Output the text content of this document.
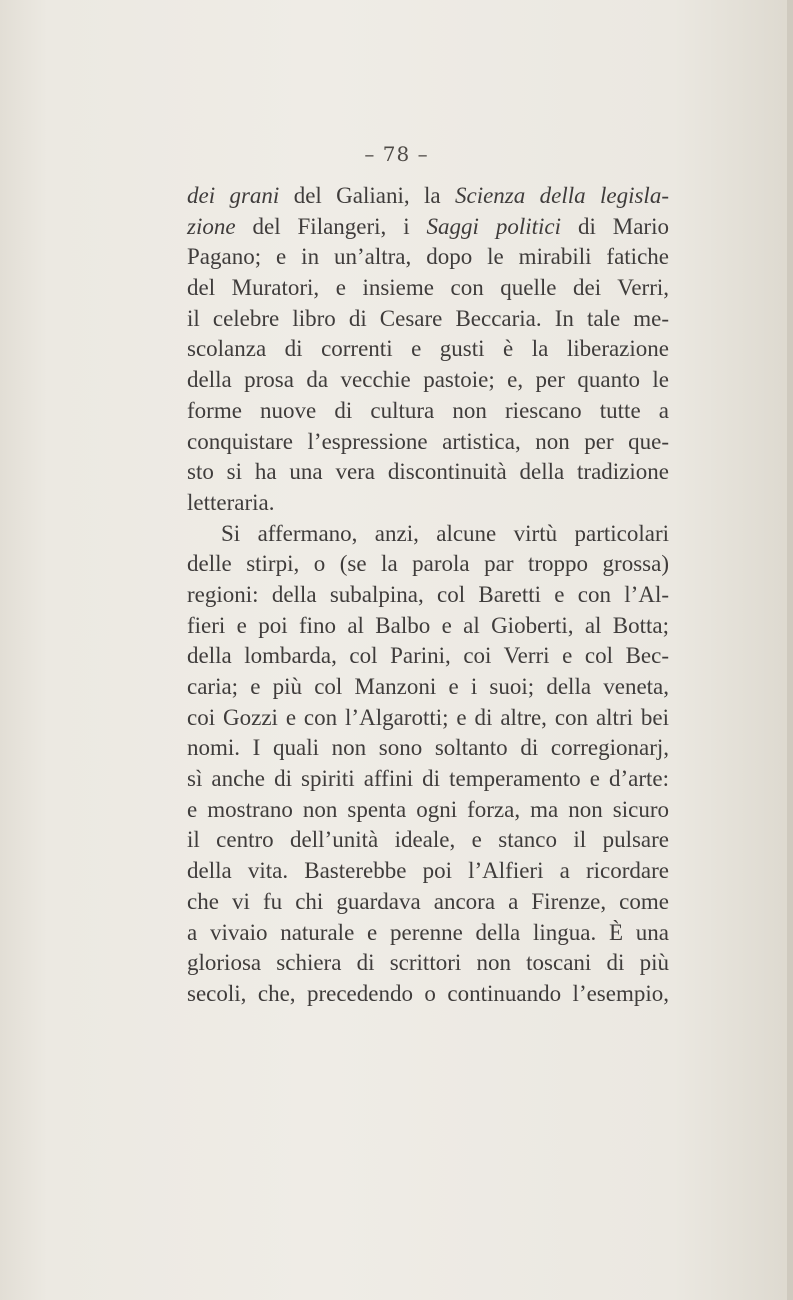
– 78 –
dei grani del Galiani, la Scienza della legisla-
zione del Filangeri, i Saggi politici di Mario
Pagano; e in un’altra, dopo le mirabili fatiche
del Muratori, e insieme con quelle dei Verri,
il celebre libro di Cesare Beccaria. In tale me-
scolanza di correnti e gusti è la liberazione
della prosa da vecchie pastoie; e, per quanto le
forme nuove di cultura non riescano tutte a
conquistare l’espressione artistica, non per que-
sto si ha una vera discontinuità della tradizione
letteraria.
Si affermano, anzi, alcune virtù particolari
delle stirpi, o (se la parola par troppo grossa)
regioni: della subalpina, col Baretti e con l’Al-
fieri e poi fino al Balbo e al Gioberti, al Botta;
della lombarda, col Parini, coi Verri e col Bec-
caria; e più col Manzoni e i suoi; della veneta,
coi Gozzi e con l’Algarotti; e di altre, con altri bei
nomi. I quali non sono soltanto di corregionarj,
sì anche di spiriti affini di temperamento e d’arte:
e mostrano non spenta ogni forza, ma non sicuro
il centro dell’unità ideale, e stanco il pulsare
della vita. Basterebbe poi l’Alfieri a ricordare
che vi fu chi guardava ancora a Firenze, come
a vivaio naturale e perenne della lingua. È una
gloriosa schiera di scrittori non toscani di più
secoli, che, precedendo o continuando l’esempio,
